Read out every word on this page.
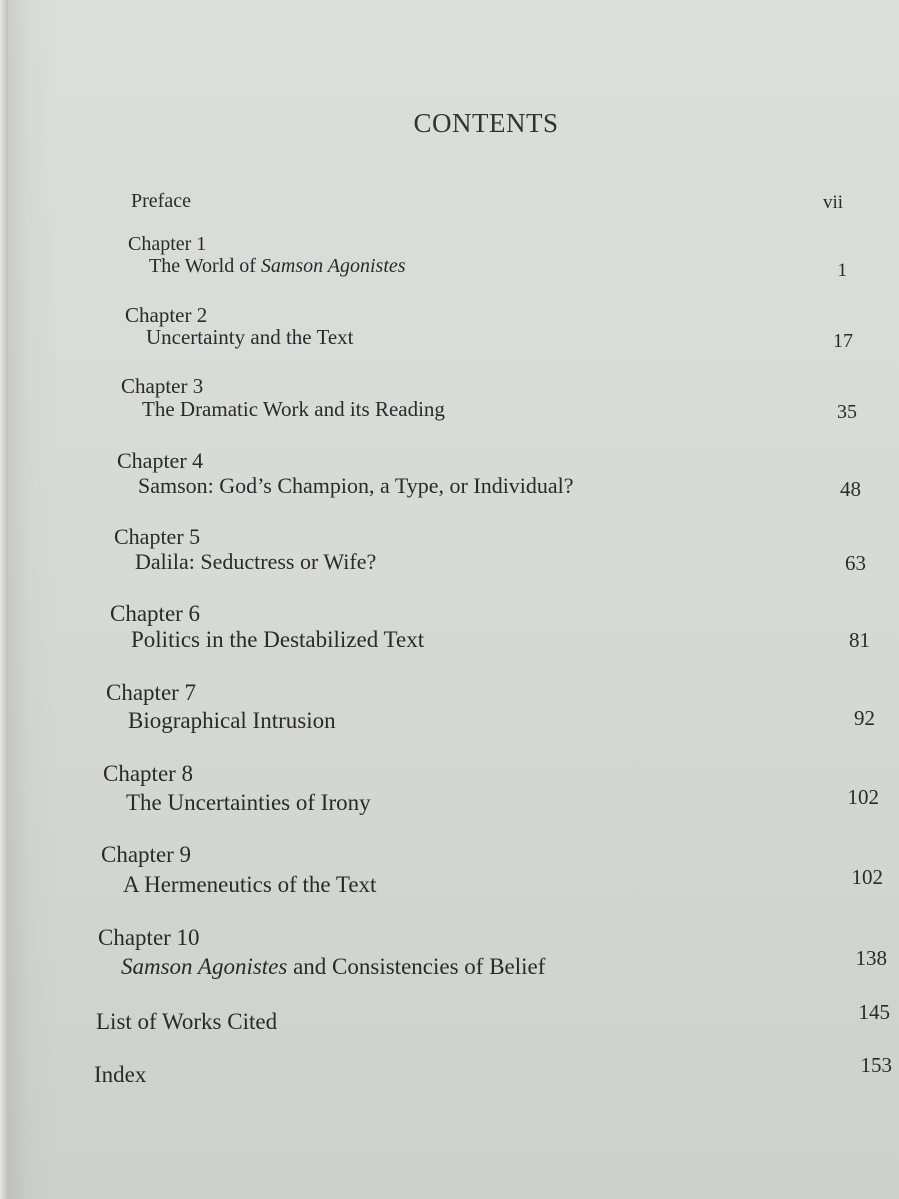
CONTENTS
Preface	vii
Chapter 1
The World of Samson Agonistes	1
Chapter 2
Uncertainty and the Text	17
Chapter 3
The Dramatic Work and its Reading	35
Chapter 4
Samson: God’s Champion, a Type, or Individual?	48
Chapter 5
Dalila: Seductress or Wife?	63
Chapter 6
Politics in the Destabilized Text	81
Chapter 7
Biographical Intrusion	92
Chapter 8
The Uncertainties of Irony	102
Chapter 9
A Hermeneutics of the Text	102
Chapter 10
Samson Agonistes and Consistencies of Belief	138
List of Works Cited	145
Index	153
